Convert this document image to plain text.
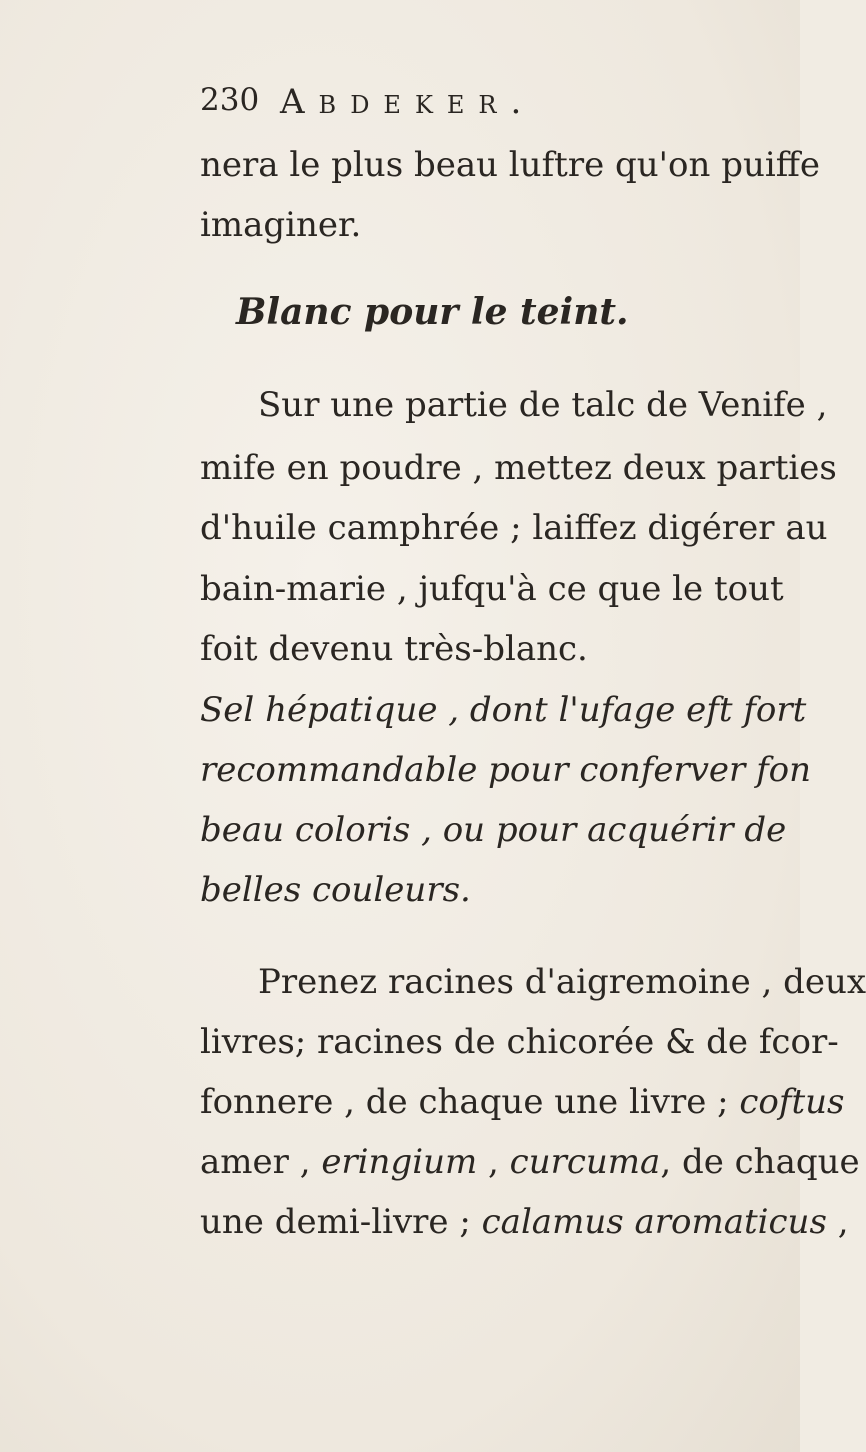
230 Abdeker.
nera le plus beau luftre qu'on puiffe
imaginer.
Blanc pour le teint.
Sur une partie de talc de Venife ,
mife en poudre , mettez deux parties
d'huile camphrée ; laiffez digérer au
bain-marie , jufqu'à ce que le tout
foit devenu très-blanc.
Sel hépatique , dont l'ufage eft fort
recommandable pour conferver fon
beau coloris , ou pour acquérir de
belles couleurs.
Prenez racines d'aigremoine , deux
livres; racines de chicorée & de fcor-
fonnere , de chaque une livre ; coftus
amer , eringium , curcuma, de chaque
une demi-livre ; calamus aromaticus ,
